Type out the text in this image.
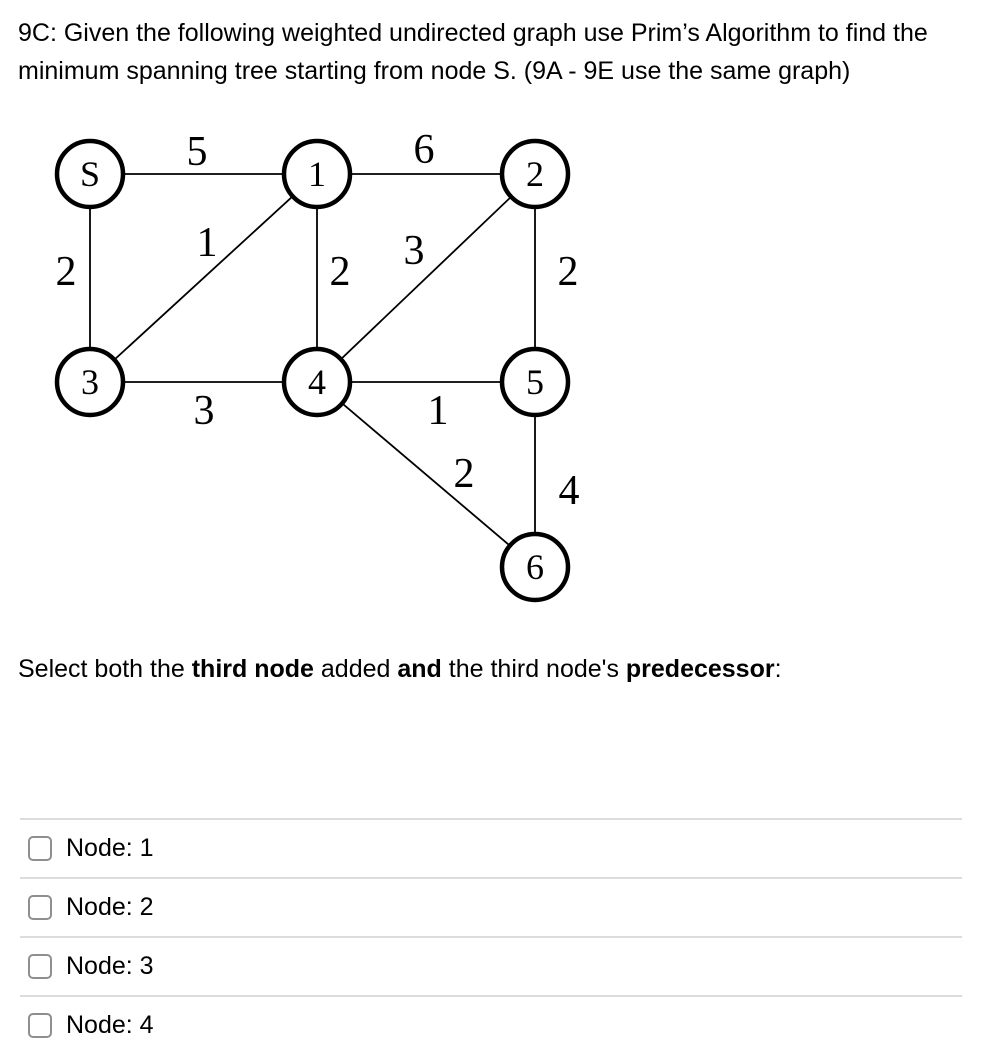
9C: Given the following weighted undirected graph use Prim’s Algorithm to find the minimum spanning tree starting from node S. (9A - 9E use the same graph)
5	6
2
1
2 3	2
3	1
2 4
S	1	2
3	4	5
6
Select both the third node added and the third node's predecessor:
Node: 1
Node: 2
Node: 3
Node: 4
